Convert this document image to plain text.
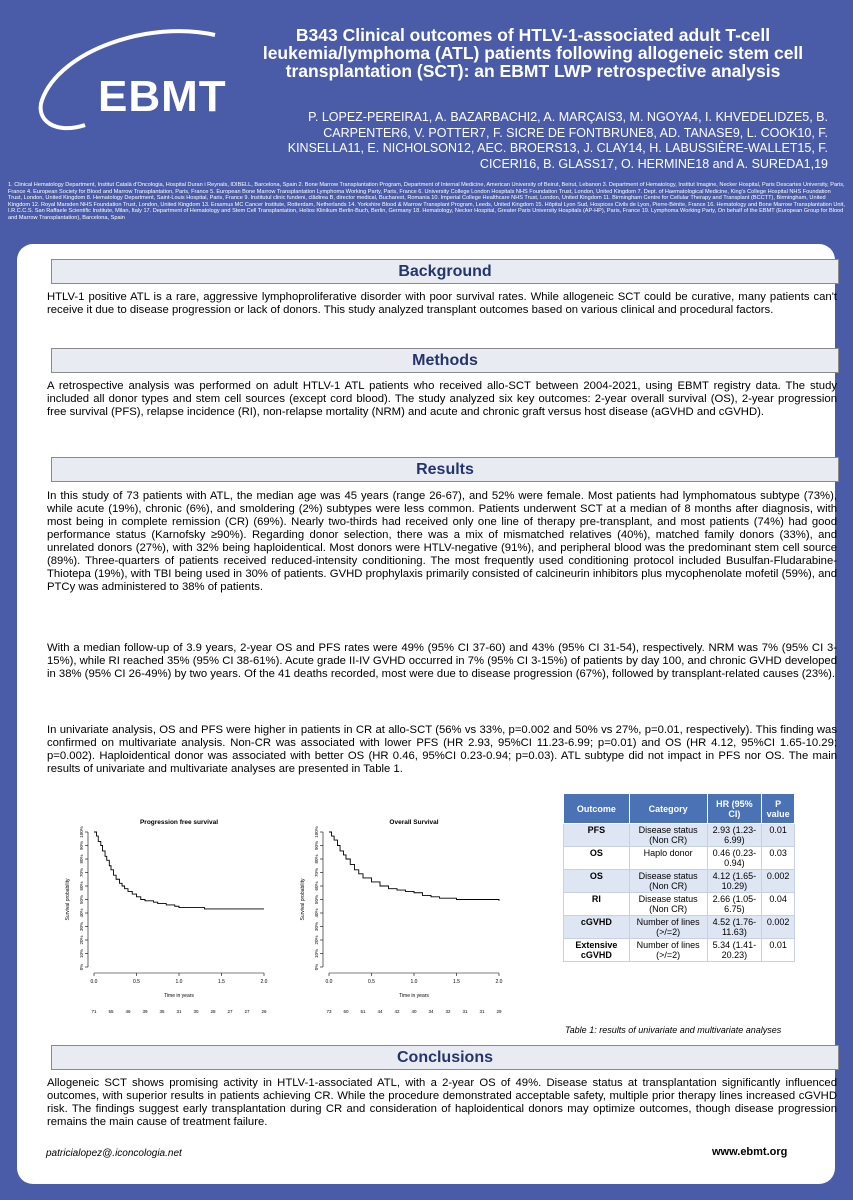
EBMT
B343 Clinical outcomes of HTLV-1-associated adult T-cell leukemia/lymphoma (ATL) patients following allogeneic stem cell transplantation (SCT): an EBMT LWP retrospective analysis
P. LOPEZ-PEREIRA1, A. BAZARBACHI2, A. MARÇAIS3, M. NGOYA4, I. KHVEDELIDZE5, B. CARPENTER6, V. POTTER7, F. SICRE DE FONTBRUNE8, AD. TANASE9, L. COOK10, F. KINSELLA11, E. NICHOLSON12, AEC. BROERS13, J. CLAY14, H. LABUSSIÈRE-WALLET15, F. CICERI16, B. GLASS17, O. HERMINE18 and A. SUREDA1,19
1. Clinical Hematology Department, Institut Català d'Oncologia, Hospital Duran i Reynals, IDIBELL, Barcelona, Spain 2. Bone Marrow Transplantation Program, Department of Internal Medicine, American University of Beirut, Beirut, Lebanon 3. Department of Hematology, Institut Imagine, Necker Hospital, Paris Descartes University, Paris, France 4. European Society for Blood and Marrow Transplantation, Paris, France 5. European Bone Marrow Transplantation Lymphoma Working Party, Paris, France 6. University College London Hospitals NHS Foundation Trust, London, United Kingdom 7. Dept. of Haematological Medicine, King's College Hospital NHS Foundation Trust, London, United Kingdom 8. Hematology Department, Saint-Louis Hospital, Paris, France 9. Institutul clinic fundeni, clădirea B, director medical, Bucharest, Romania 10. Imperial College Healthcare NHS Trust, London, United Kingdom 11. Birmingham Centre for Cellular Therapy and Transplant (BCCTT), Birmingham, United Kingdom 12. Royal Marsden NHS Foundation Trust, London, United Kingdom 13. Erasmus MC Cancer Institute, Rotterdam, Netherlands 14. Yorkshire Blood & Marrow Transplant Program, Leeds, United Kingdom 15. Hôpital Lyon Sud, Hospices Civils de Lyon, Pierre-Bénite, France 16. Hematology and Bone Marrow Transplantation Unit, I.R.C.C.S. San Raffaele Scientific Institute, Milan, Italy 17. Department of Hematology and Stem Cell Transplantation, Helios Klinikum Berlin-Buch, Berlin, Germany 18. Hematology, Necker Hospital, Greater Paris University Hospitals (AP-HP), Paris, France 19. Lymphoma Working Party, On behalf of the EBMT (European Group for Blood and Marrow Transplantation), Barcelona, Spain
Background
HTLV-1 positive ATL is a rare, aggressive lymphoproliferative disorder with poor survival rates. While allogeneic SCT could be curative, many patients can't receive it due to disease progression or lack of donors. This study analyzed transplant outcomes based on various clinical and procedural factors.
Methods
A retrospective analysis was performed on adult HTLV-1 ATL patients who received allo-SCT between 2004-2021, using EBMT registry data. The study included all donor types and stem cell sources (except cord blood). The study analyzed six key outcomes: 2-year overall survival (OS), 2-year progression free survival (PFS), relapse incidence (RI), non-relapse mortality (NRM) and acute and chronic graft versus host disease (aGVHD and cGVHD).
Results
In this study of 73 patients with ATL, the median age was 45 years (range 26-67), and 52% were female. Most patients had lymphomatous subtype (73%), while acute (19%), chronic (6%), and smoldering (2%) subtypes were less common. Patients underwent SCT at a median of 8 months after diagnosis, with most being in complete remission (CR) (69%). Nearly two-thirds had received only one line of therapy pre-transplant, and most patients (74%) had good performance status (Karnofsky ≥90%). Regarding donor selection, there was a mix of mismatched relatives (40%), matched family donors (33%), and unrelated donors (27%), with 32% being haploidentical. Most donors were HTLV-negative (91%), and peripheral blood was the predominant stem cell source (89%). Three-quarters of patients received reduced-intensity conditioning. The most frequently used conditioning protocol included Busulfan-Fludarabine-Thiotepa (19%), with TBI being used in 30% of patients. GVHD prophylaxis primarily consisted of calcineurin inhibitors plus mycophenolate mofetil (59%), and PTCy was administered to 38% of patients.
With a median follow-up of 3.9 years, 2-year OS and PFS rates were 49% (95% CI 37-60) and 43% (95% CI 31-54), respectively. NRM was 7% (95% CI 3-15%), while RI reached 35% (95% CI 38-61%). Acute grade II-IV GVHD occurred in 7% (95% CI 3-15%) of patients by day 100, and chronic GVHD developed in 38% (95% CI 26-49%) by two years. Of the 41 deaths recorded, most were due to disease progression (67%), followed by transplant-related causes (23%).
In univariate analysis, OS and PFS were higher in patients in CR at allo-SCT (56% vs 33%, p=0.002 and 50% vs 27%, p=0.01, respectively). This finding was confirmed on multivariate analysis. Non-CR was associated with lower PFS (HR 2.93, 95%CI 11.23-6.99; p=0.01) and OS (HR 4.12, 95%CI 1.65-10.29; p=0.002). Haploidentical donor was associated with better OS (HR 0.46, 95%CI 0.23-0.94; p=0.03). ATL subtype did not impact in PFS nor OS. The main results of univariate and multivariate analyses are presented in Table 1.
Conclusions
Allogeneic SCT shows promising activity in HTLV-1-associated ATL, with a 2-year OS of 49%. Disease status at transplantation significantly influenced outcomes, with superior results in patients achieving CR. While the procedure demonstrated acceptable safety, multiple prior therapy lines increased cGVHD risk. The findings suggest early transplantation during CR and consideration of haploidentical donors may optimize outcomes, though disease progression remains the main cause of treatment failure.
Progression free survival
0%
10%
20%
30%
40%
50%
60%
70%
80%
90%
100%
0.0	0.5	1.0	1.5	2.0
Time in years
Survival probability
71	55	46	39	35	31	30	28	27	27	26
Overall Survival
0%
10%
20%
30%
40%
50%
60%
70%
80%
90%
100%
0.0	0.5	1.0	1.5	2.0
Time in years
Survival probability
73	60	51	44	42	40	34	32	31	31	29
Outcome	Category	HR (95% CI)	P value
PFS	Disease status (Non CR)	2.93 (1.23-6.99)	0.01
OS	Haplo donor	0.46 (0.23-0.94)	0.03
OS	Disease status (Non CR)	4.12 (1.65-10.29)	0.002
RI	Disease status (Non CR)	2.66 (1.05-6.75)	0.04
cGVHD	Number of lines (>/=2)	4.52 (1.76-11.63)	0.002
Extensive cGVHD	Number of lines (>/=2)	5.34 (1.41-20.23)	0.01
Table 1: results of univariate and multivariate analyses
patricialopez@.iconcologia.net	www.ebmt.org
